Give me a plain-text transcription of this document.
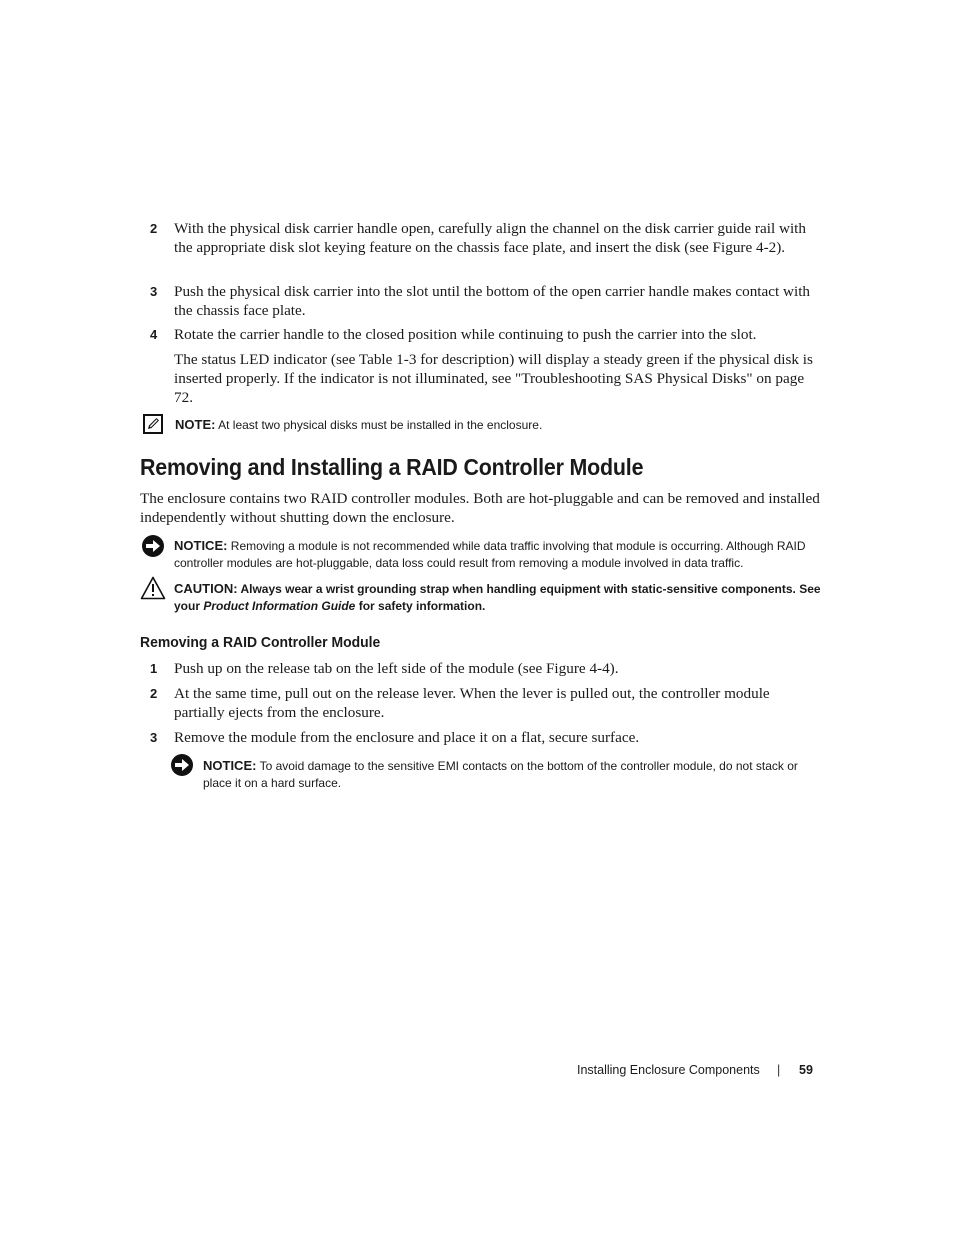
2 With the physical disk carrier handle open, carefully align the channel on the disk carrier guide rail with the appropriate disk slot keying feature on the chassis face plate, and insert the disk (see Figure 4-2).
3 Push the physical disk carrier into the slot until the bottom of the open carrier handle makes contact with the chassis face plate.
4 Rotate the carrier handle to the closed position while continuing to push the carrier into the slot.
The status LED indicator (see Table 1-3 for description) will display a steady green if the physical disk is inserted properly. If the indicator is not illuminated, see "Troubleshooting SAS Physical Disks" on page 72.
NOTE: At least two physical disks must be installed in the enclosure.
Removing and Installing a RAID Controller Module
The enclosure contains two RAID controller modules. Both are hot-pluggable and can be removed and installed independently without shutting down the enclosure.
NOTICE: Removing a module is not recommended while data traffic involving that module is occurring. Although RAID controller modules are hot-pluggable, data loss could result from removing a module involved in data traffic.
CAUTION: Always wear a wrist grounding strap when handling equipment with static-sensitive components. See your Product Information Guide for safety information.
Removing a RAID Controller Module
1 Push up on the release tab on the left side of the module (see Figure 4-4).
2 At the same time, pull out on the release lever. When the lever is pulled out, the controller module partially ejects from the enclosure.
3 Remove the module from the enclosure and place it on a flat, secure surface.
NOTICE: To avoid damage to the sensitive EMI contacts on the bottom of the controller module, do not stack or place it on a hard surface.
Installing Enclosure Components | 59
